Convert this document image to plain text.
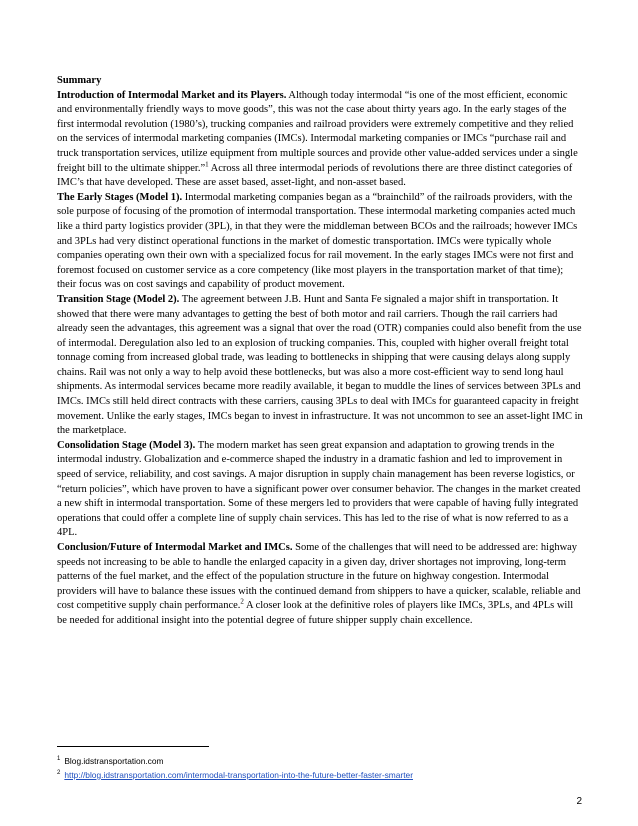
Summary

Introduction of Intermodal Market and its Players. Although today intermodal “is one of the most efficient, economic and environmentally friendly ways to move goods”, this was not the case about thirty years ago. In the early stages of the first intermodal revolution (1980’s), trucking companies and railroad providers were extremely competitive and they relied on the services of intermodal marketing companies (IMCs). Intermodal marketing companies or IMCs “purchase rail and truck transportation services, utilize equipment from multiple sources and provide other value-added services under a single freight bill to the ultimate shipper.”$^1$ Across all three intermodal periods of revolutions there are three distinct categories of IMC’s that have developed. These are asset based, asset-light, and non-asset based.

The Early Stages (Model 1). Intermodal marketing companies began as a “brainchild” of the railroads providers, with the sole purpose of focusing of the promotion of intermodal transportation. These intermodal marketing companies acted much like a third party logistics provider (3PL), in that they were the middleman between BCOs and the railroads; however IMCs and 3PLs had very distinct operational functions in the market of domestic transportation. IMCs were typically whole companies operating own their own with a specialized focus for rail movement. In the early stages IMCs were not first and foremost focused on customer service as a core competency (like most players in the transportation market of that time); their focus was on cost savings and capability of product movement.

Transition Stage (Model 2). The agreement between J.B. Hunt and Santa Fe signaled a major shift in transportation. It showed that there were many advantages to getting the best of both motor and rail carriers. Though the rail carriers had already seen the advantages, this agreement was a signal that over the road (OTR) companies could also benefit from the use of intermodal. Deregulation also led to an explosion of trucking companies. This, coupled with higher overall freight total tonnage coming from increased global trade, was leading to bottlenecks in shipping that were causing delays along supply chains. Rail was not only a way to help avoid these bottlenecks, but was also a more cost-efficient way to send long haul shipments. As intermodal services became more readily available, it began to muddle the lines of services between 3PLs and IMCs. IMCs still held direct contracts with these carriers, causing 3PLs to deal with IMCs for guaranteed capacity in freight movement. Unlike the early stages, IMCs began to invest in infrastructure. It was not uncommon to see an asset-light IMC in the marketplace.

Consolidation Stage (Model 3). The modern market has seen great expansion and adaptation to growing trends in the intermodal industry. Globalization and e-commerce shaped the industry in a dramatic fashion and led to improvement in speed of service, reliability, and cost savings. A major disruption in supply chain management has been reverse logistics, or “return policies”, which have proven to have a significant power over consumer behavior. The changes in the market created a new shift in intermodal transportation. Some of these mergers led to providers that were capable of having fully integrated operations that could offer a complete line of supply chain services. This has led to the rise of what is now referred to as a 4PL.

Conclusion/Future of Intermodal Market and IMCs. Some of the challenges that will need to be addressed are: highway speeds not increasing to be able to handle the enlarged capacity in a given day, driver shortages not improving, long-term patterns of the fuel market, and the effect of the population structure in the future on highway congestion. Intermodal providers will have to balance these issues with the continued demand from shippers to have a quicker, scalable, reliable and cost competitive supply chain performance.$^2$ A closer look at the definitive roles of players like IMCs, 3PLs, and 4PLs will be needed for additional insight into the potential degree of future shipper supply chain excellence.

$^1$ Blog.idstransportation.com
$^2$ http://blog.idstransportation.com/intermodal-transportation-into-the-future-better-faster-smarter
2
